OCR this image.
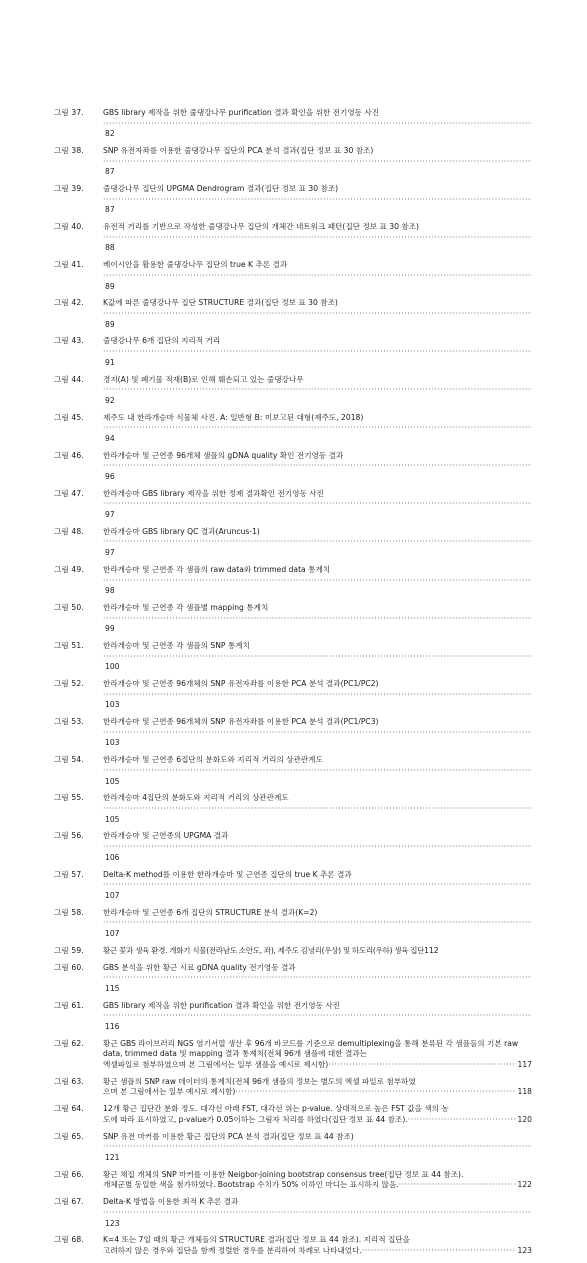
그림 37.	GBS library 제작을 위한 줄댕강나무 purification 결과 확인을 위한 전기영동 사진
·····
82
그림 38.	SNP 유전자좌를 이용한 줄댕강나무 집단의 PCA 분석 결과(집단 정보 표 30 참조)
·····
87
그림 39.	줄댕강나무 집단의 UPGMA Dendrogram 결과(집단 정보 표 30 참조)
·····
87
그림 40.	유전적 거리를 기반으로 작성한 줄댕강나무 집단의 개체간 네트워크 패턴(집단 정보 표 30 참조)
·····
88
그림 41.	베이시안을 활용한 줄댕강나무 집단의 true K 추론 결과
·····
89
그림 42.	K값에 따른 줄댕강나무 집단 STRUCTURE 결과(집단 정보 표 30 참조)
·····
89
그림 43.	줄댕강나무 6개 집단의 지리적 거리
·····
91
그림 44.	경지(A) 및 폐기물 적재(B)로 인해 훼손되고 있는 줄댕강나무
·····
92
그림 45.	제주도 내 한라개승마 식물체 사진. A: 일반형 B: 미보고된 대형(제주도, 2018)
·····
94
그림 46.	한라개승마 및 근연종 96개체 샘플의 gDNA quality 확인 전기영동 결과
·····
96
그림 47.	한라개승마 GBS library 제작을 위한 정제 결과확인 전기영동 사진
·····
97
그림 48.	한라개승마 GBS library QC 결과(Aruncus-1)
·····
97
그림 49.	한라개승마 및 근연종 각 샘플의 raw data와 trimmed data 통계치
·····
98
그림 50.	한라개승마 및 근연종 각 샘플별 mapping 통계치
·····
99
그림 51.	한라개승마 및 근연종 각 샘플의 SNP 통계치
·····
100
그림 52.	한라개승마 및 근연종 96개체의 SNP 유전자좌를 이용한 PCA 분석 결과(PC1/PC2)
·····
103
그림 53.	한라개승마 및 근연종 96개체의 SNP 유전자좌를 이용한 PCA 분석 결과(PC1/PC3)
·····
103
그림 54.	한라개승마 및 근연종 6집단의 분화도와 지리적 거리의 상관관계도
·····
105
그림 55.	한라개승마 4집단의 분화도와 지리적 거리의 상관관계도
·····
105
그림 56.	한라개승마 및 근연종의 UPGMA 결과
·····
106
그림 57.	Delta-K method를 이용한 한라개승마 및 근연종 집단의 true K 추론 결과
·····
107
그림 58.	한라개승마 및 근연종 6개 집단의 STRUCTURE 분석 결과(K=2)
·····
107
그림 59.	황근 꽃과 생육 환경. 개화기 식물(전라남도 소안도, 좌), 제주도 김녕리(우상) 및 하도리(우하) 생육 집단 112
그림 60.	GBS 분석을 위한 황근 시료 gDNA quality 전기영동 결과
·····
115
그림 61.	GBS library 제작을 위한 purification 결과 확인을 위한 전기영동 사진
·····
116
그림 62.	황근 GBS 라이브러리 NGS 염기서열 생산 후 96개 바코드를 기준으로 demultiplexing을 통해 분류된 각 샘플들의 기본 raw data, trimmed data 및 mapping 결과 통계치(전체 96개 샘플에 대한 결과는
엑셀파일로 첨부하였으며 본 그림에서는 일부 샘플을 예시로 제시함) ·····	117
그림 63.	황근 샘플의 SNP raw 데이터의 통계치(전체 96개 샘플의 정보는 별도의 엑셀 파일로 첨부하였
으며 본 그림에서는 일부 예시로 제시함) ·····	118
그림 64.	12개 황근 집단간 분화 정도. 대각선 아래 FST, 대각선 위는 p-value. 상대적으로 높은 FST 값을 색의 농
도에 따라 표시하였고, p-value가 0.05이하는 그림자 처리를 하였다(집단 정보 표 44 참조). ·····	120
그림 65.	SNP 유전 마커를 이용한 황근 집단의 PCA 분석 결과(집단 정보 표 44 참조)
·····
121
그림 66.	황근 채집 개체의 SNP 마커를 이용한 Neigbor-joining bootstrap consensus tree(집단 정보 표 44 참조).
개체군별 동일한 색을 첨가하였다. Bootstrap 수치가 50% 이하인 마디는 표시하지 않음. ·····	122
그림 67.	Delta-K 방법을 이용한 최적 K 추론 결과
·····
123
그림 68.	K=4 또는 7일 때의 황근 개체들의 STRUCTURE 결과(집단 정보 표 44 참조). 지리적 집단을
고려하지 않은 경우와 집단을 함께 정렬한 경우를 분리하여 차례로 나타내었다. ·····	123
